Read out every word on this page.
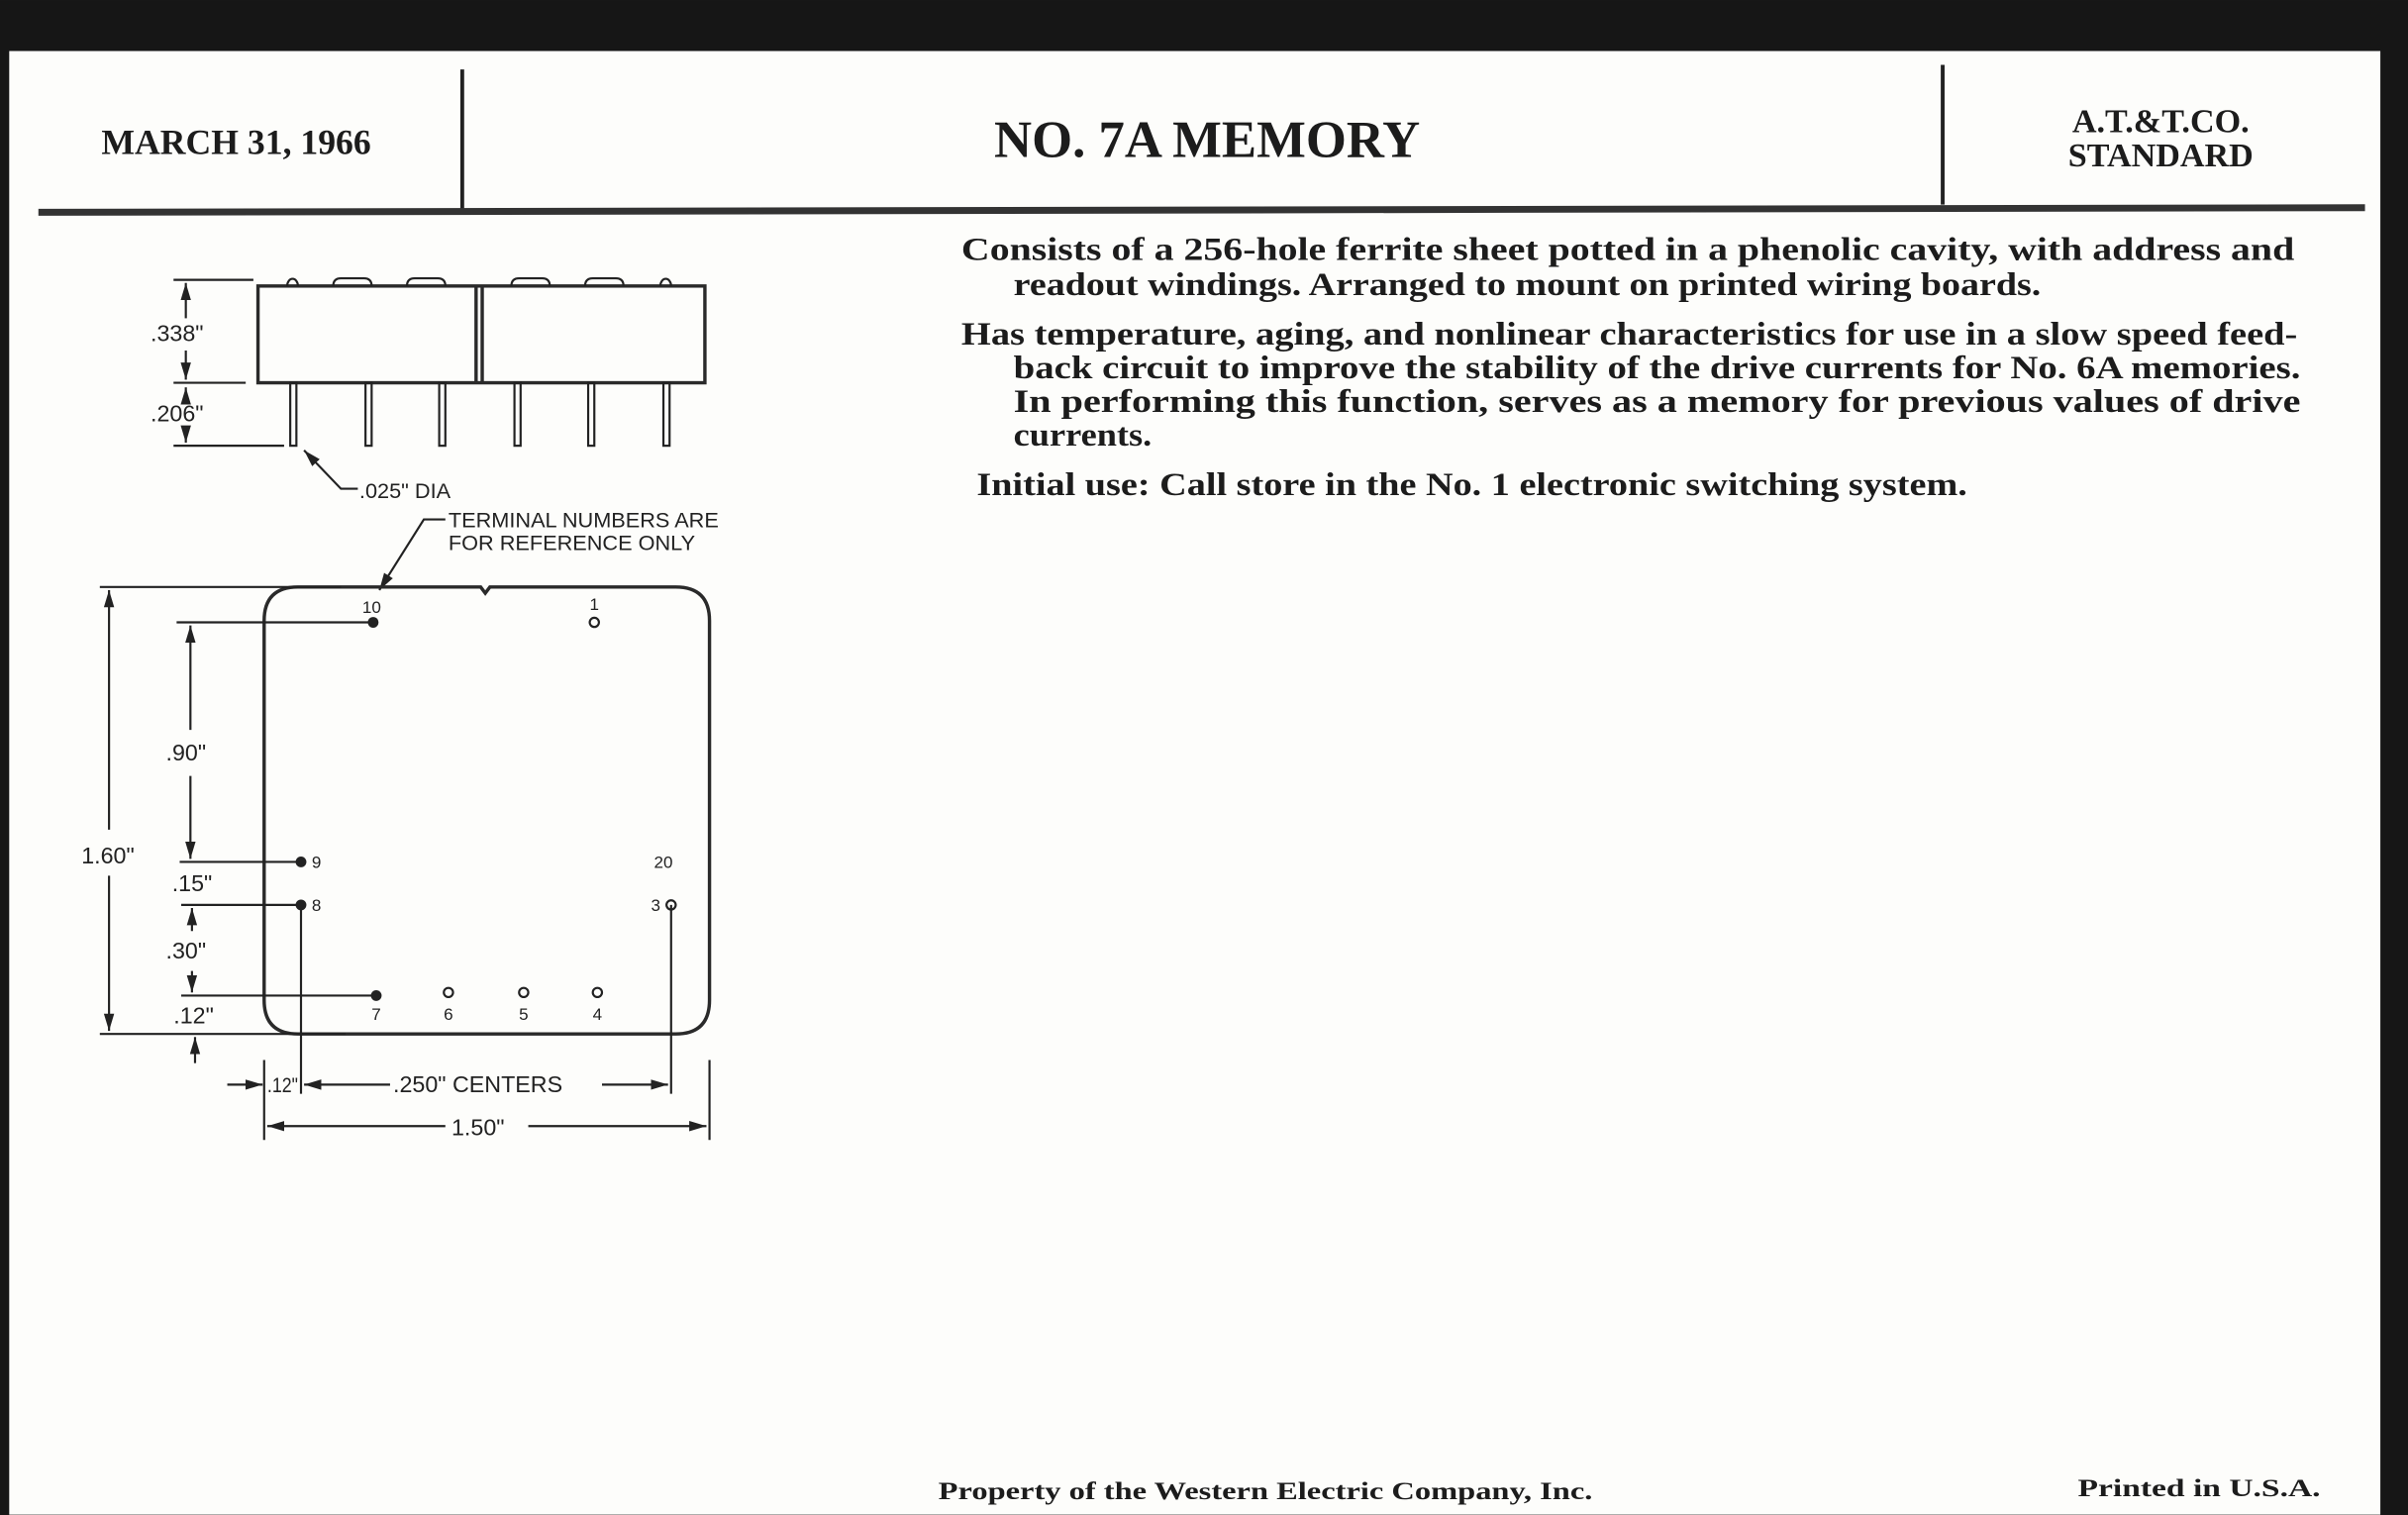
MARCH 31, 1966	NO. 7A MEMORY	A.T.&T.CO.
STANDARD
Consists of a 256-hole ferrite sheet potted in a phenolic cavity, with address and
readout windings. Arranged to mount on printed wiring boards.
Has temperature, aging, and nonlinear characteristics for use in a slow speed feed-
back circuit to improve the stability of the drive currents for No. 6A memories.
In performing this function, serves as a memory for previous values of drive
currents.
Initial use: Call store in the No. 1 electronic switching system.
.338"
.206"
.025" DIA
TERMINAL NUMBERS ARE
FOR REFERENCE ONLY
10	1
9
8
7	6	5	4
20
3
1.60"
.90"
.15"
.30"
.12"
.12"	.250" CENTERS
1.50"
Property of the Western Electric Company, Inc.	Printed in U.S.A.
